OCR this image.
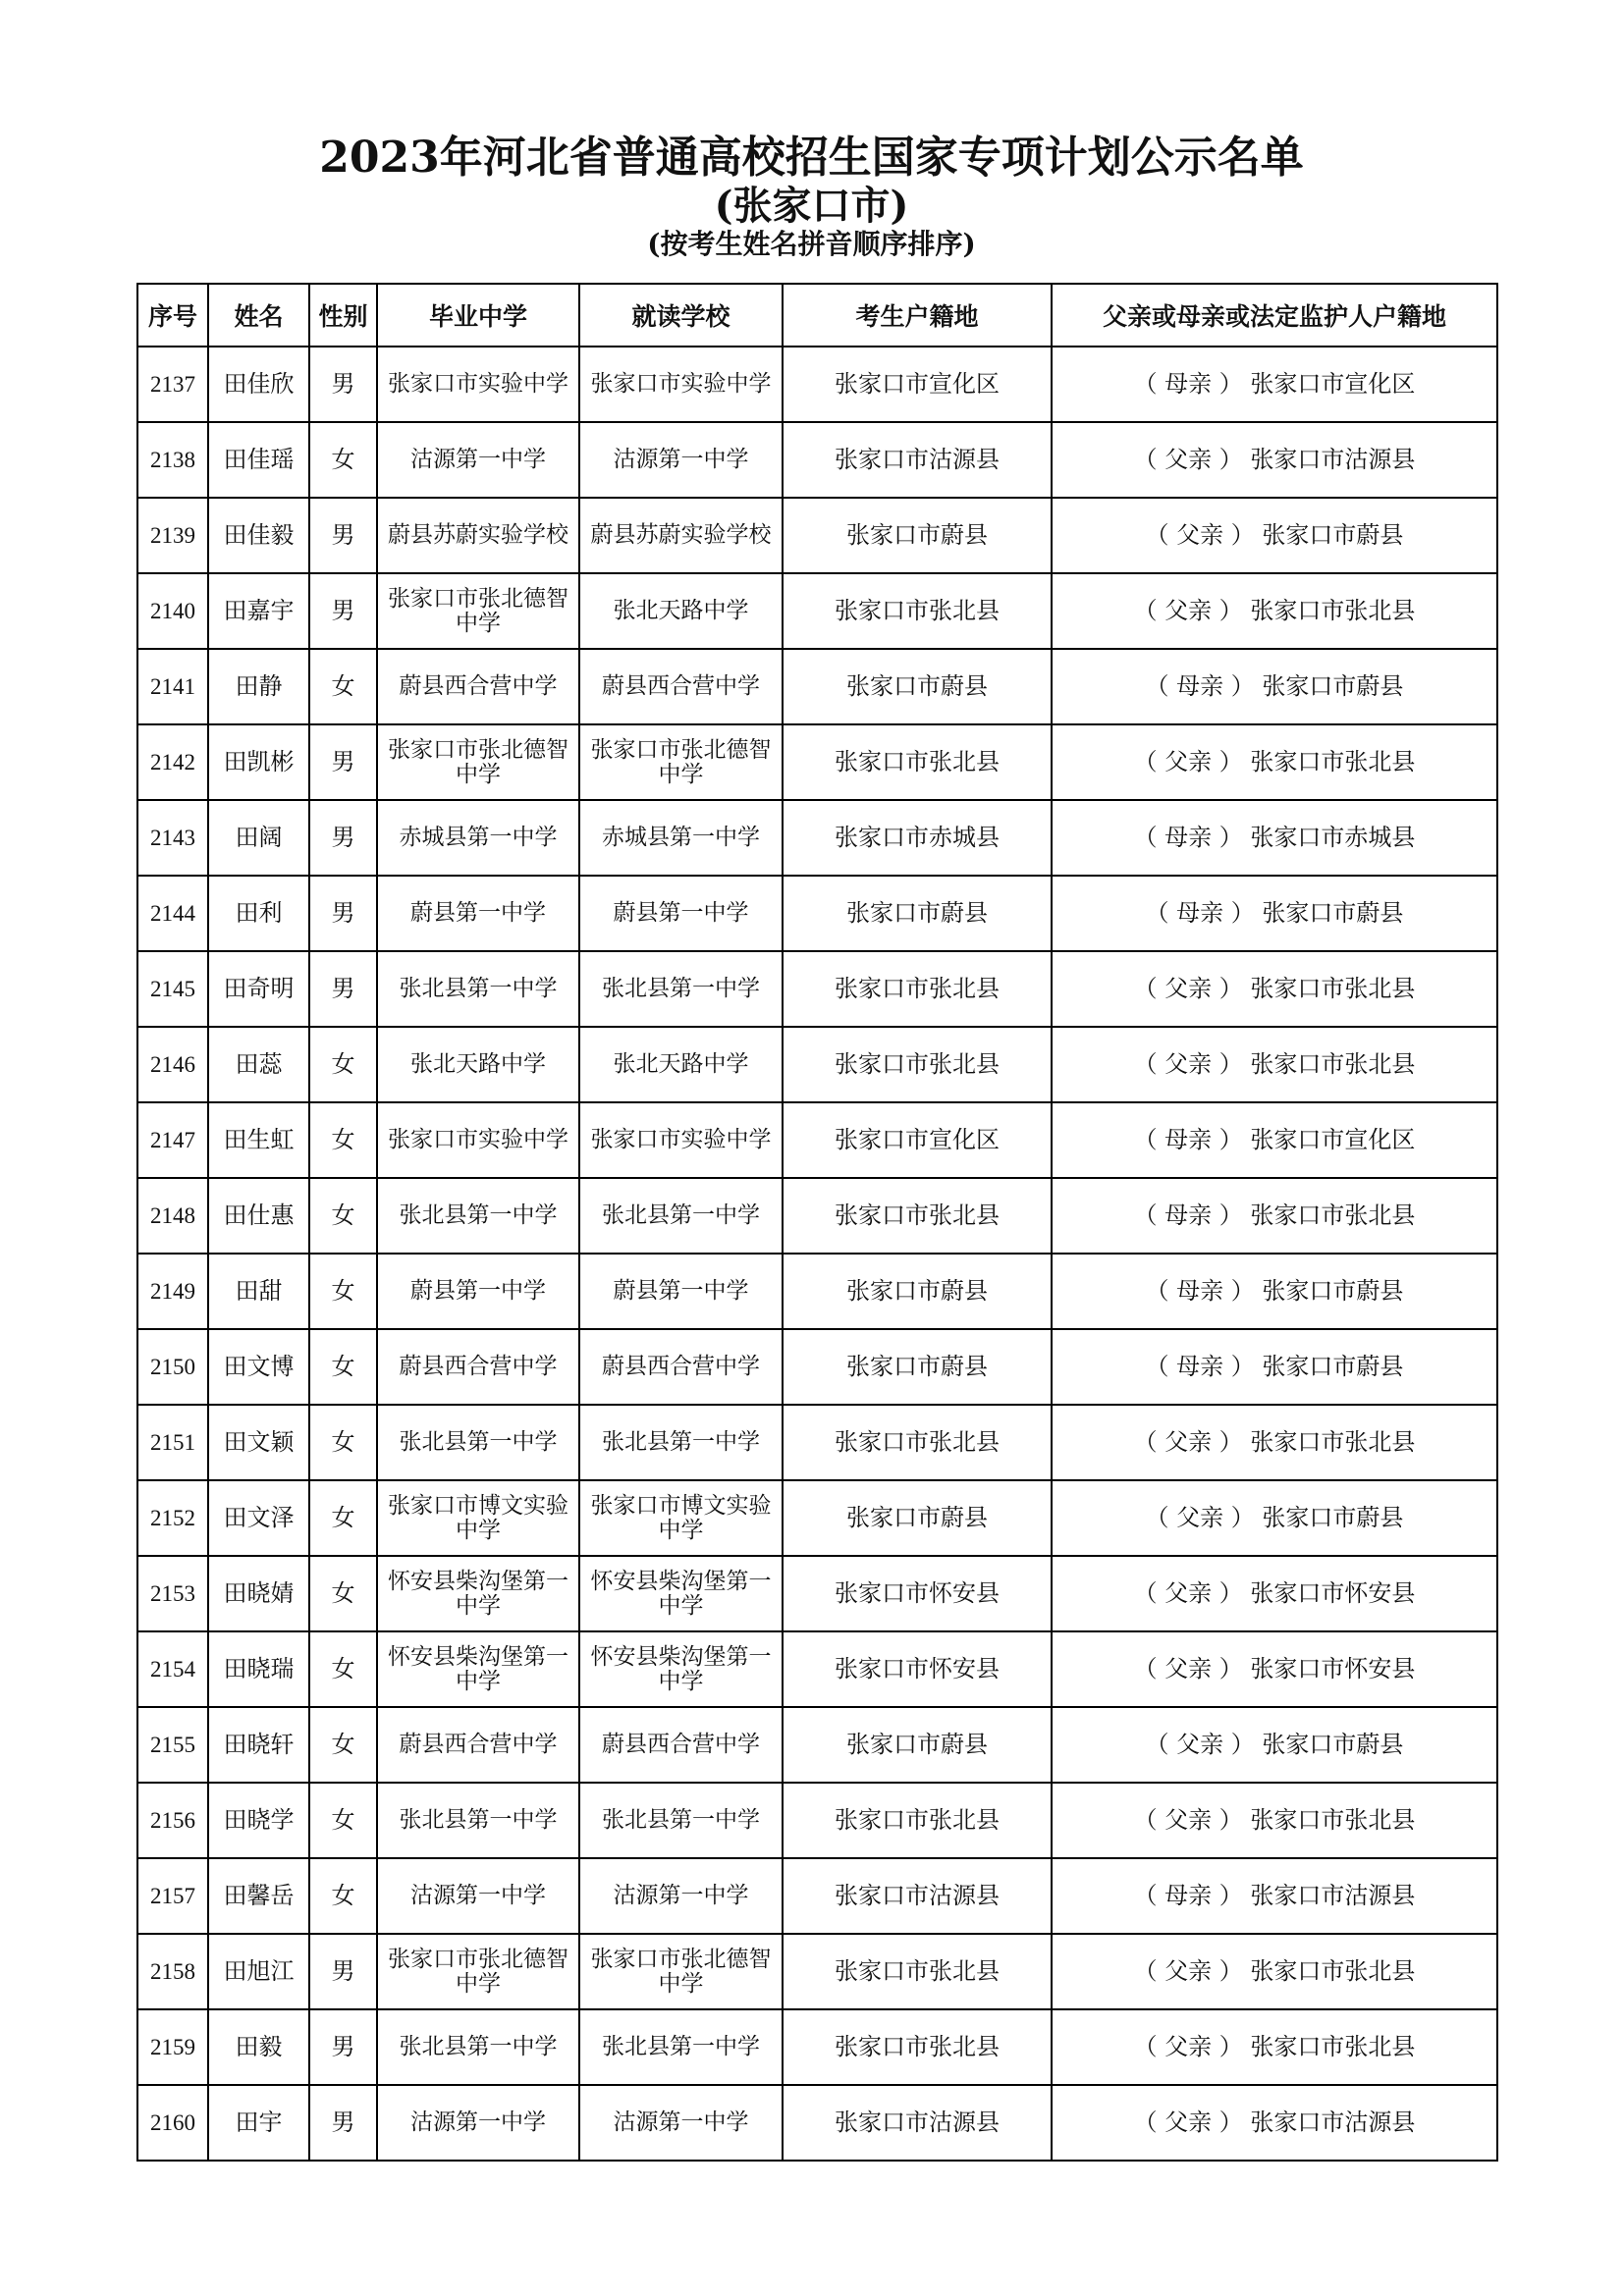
2023年河北省普通高校招生国家专项计划公示名单
(张家口市)
(按考生姓名拼音顺序排序)
序号	姓名	性别	毕业中学	就读学校	考生户籍地	父亲或母亲或法定监护人户籍地
2137	田佳欣	男	张家口市实验中学	张家口市实验中学	张家口市宣化区	（ 母亲 ） 张家口市宣化区
2138	田佳瑶	女	沽源第一中学	沽源第一中学	张家口市沽源县	（ 父亲 ） 张家口市沽源县
2139	田佳毅	男	蔚县苏蔚实验学校	蔚县苏蔚实验学校	张家口市蔚县	（ 父亲 ） 张家口市蔚县
2140	田嘉宇	男	张家口市张北德智中学	张北天路中学	张家口市张北县	（ 父亲 ） 张家口市张北县
2141	田静	女	蔚县西合营中学	蔚县西合营中学	张家口市蔚县	（ 母亲 ） 张家口市蔚县
2142	田凯彬	男	张家口市张北德智中学	张家口市张北德智中学	张家口市张北县	（ 父亲 ） 张家口市张北县
2143	田阔	男	赤城县第一中学	赤城县第一中学	张家口市赤城县	（ 母亲 ） 张家口市赤城县
2144	田利	男	蔚县第一中学	蔚县第一中学	张家口市蔚县	（ 母亲 ） 张家口市蔚县
2145	田奇明	男	张北县第一中学	张北县第一中学	张家口市张北县	（ 父亲 ） 张家口市张北县
2146	田蕊	女	张北天路中学	张北天路中学	张家口市张北县	（ 父亲 ） 张家口市张北县
2147	田生虹	女	张家口市实验中学	张家口市实验中学	张家口市宣化区	（ 母亲 ） 张家口市宣化区
2148	田仕惠	女	张北县第一中学	张北县第一中学	张家口市张北县	（ 母亲 ） 张家口市张北县
2149	田甜	女	蔚县第一中学	蔚县第一中学	张家口市蔚县	（ 母亲 ） 张家口市蔚县
2150	田文博	女	蔚县西合营中学	蔚县西合营中学	张家口市蔚县	（ 母亲 ） 张家口市蔚县
2151	田文颖	女	张北县第一中学	张北县第一中学	张家口市张北县	（ 父亲 ） 张家口市张北县
2152	田文泽	女	张家口市博文实验中学	张家口市博文实验中学	张家口市蔚县	（ 父亲 ） 张家口市蔚县
2153	田晓婧	女	怀安县柴沟堡第一中学	怀安县柴沟堡第一中学	张家口市怀安县	（ 父亲 ） 张家口市怀安县
2154	田晓瑞	女	怀安县柴沟堡第一中学	怀安县柴沟堡第一中学	张家口市怀安县	（ 父亲 ） 张家口市怀安县
2155	田晓轩	女	蔚县西合营中学	蔚县西合营中学	张家口市蔚县	（ 父亲 ） 张家口市蔚县
2156	田晓学	女	张北县第一中学	张北县第一中学	张家口市张北县	（ 父亲 ） 张家口市张北县
2157	田馨岳	女	沽源第一中学	沽源第一中学	张家口市沽源县	（ 母亲 ） 张家口市沽源县
2158	田旭江	男	张家口市张北德智中学	张家口市张北德智中学	张家口市张北县	（ 父亲 ） 张家口市张北县
2159	田毅	男	张北县第一中学	张北县第一中学	张家口市张北县	（ 父亲 ） 张家口市张北县
2160	田宇	男	沽源第一中学	沽源第一中学	张家口市沽源县	（ 父亲 ） 张家口市沽源县
